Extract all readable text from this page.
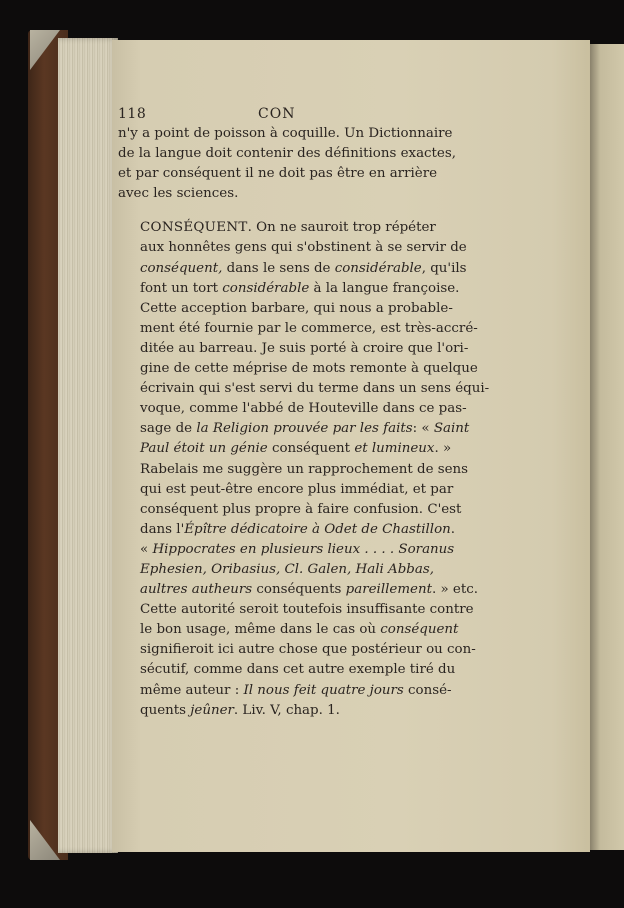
118	CON
n'y a point de poisson à coquille. Un Dictionnaire
de la langue doit contenir des définitions exactes,
et par conséquent il ne doit pas être en arrière
avec les sciences.
CONSÉQUENT. On ne sauroit trop répéter
aux honnêtes gens qui s'obstinent à se servir de
conséquent, dans le sens de considérable, qu'ils
font un tort considérable à la langue françoise.
Cette acception barbare, qui nous a probable-
ment été fournie par le commerce, est très-accré-
ditée au barreau. Je suis porté à croire que l'ori-
gine de cette méprise de mots remonte à quelque
écrivain qui s'est servi du terme dans un sens équi-
voque, comme l'abbé de Houteville dans ce pas-
sage de la Religion prouvée par les faits: « Saint
Paul étoit un génie conséquent et lumineux. »
Rabelais me suggère un rapprochement de sens
qui est peut-être encore plus immédiat, et par
conséquent plus propre à faire confusion. C'est
dans l'Épître dédicatoire à Odet de Chastillon.
« Hippocrates en plusieurs lieux . . . . Soranus
Ephesien, Oribasius, Cl. Galen, Hali Abbas,
aultres autheurs conséquents pareillement. » etc.
Cette autorité seroit toutefois insuffisante contre
le bon usage, même dans le cas où conséquent
signifieroit ici autre chose que postérieur ou con-
sécutif, comme dans cet autre exemple tiré du
même auteur : Il nous feit quatre jours consé-
quents jeûner. Liv. V, chap. 1.
